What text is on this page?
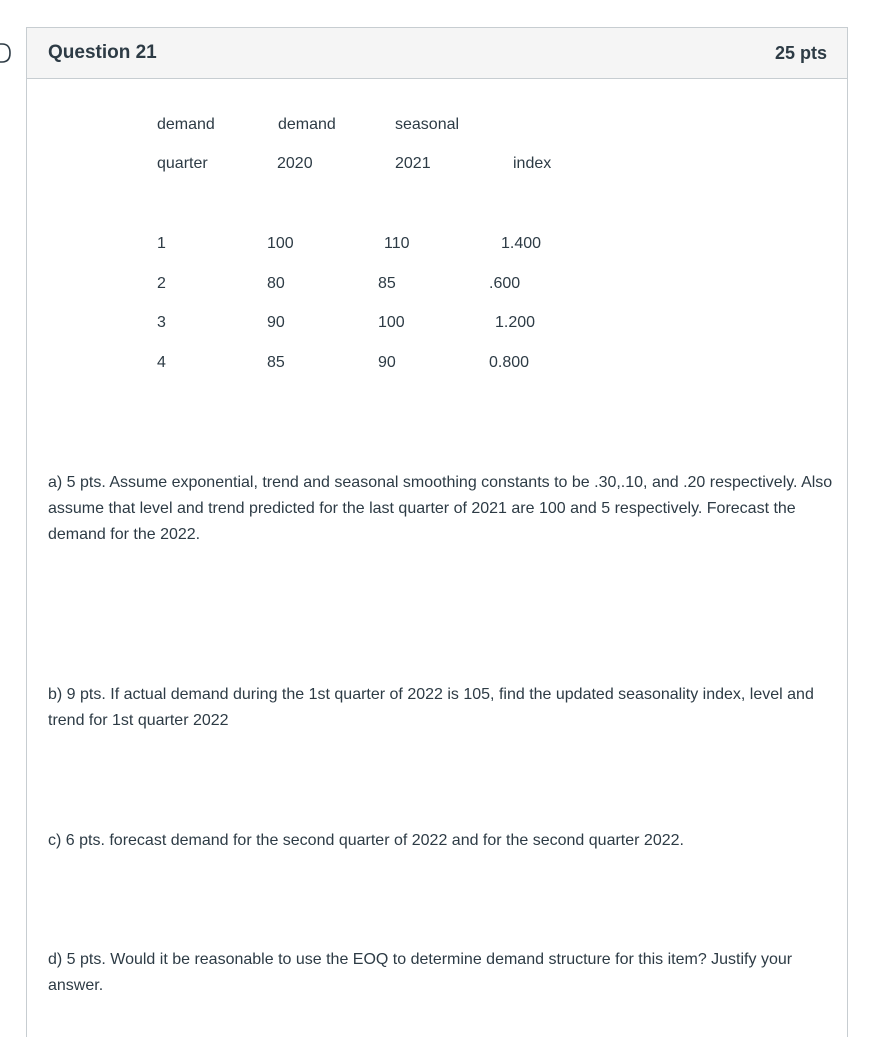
Question 21	25 pts
demand	demand	seasonal
quarter	2020	2021	index
1	100	110	1.400
2	80	85	.600
3	90	100	1.200
4	85	90	0.800

a) 5 pts. Assume exponential, trend and seasonal smoothing constants to be .30,.10, and .20 respectively. Also assume that level and trend predicted for the last quarter of 2021 are 100 and 5 respectively. Forecast the demand for the 2022.

b) 9 pts. If actual demand during the 1st quarter of 2022 is 105, find the updated seasonality index, level and trend for 1st quarter 2022

c) 6 pts. forecast demand for the second quarter of 2022 and for the second quarter 2022.

d) 5 pts. Would it be reasonable to use the EOQ to determine demand structure for this item? Justify your answer.
